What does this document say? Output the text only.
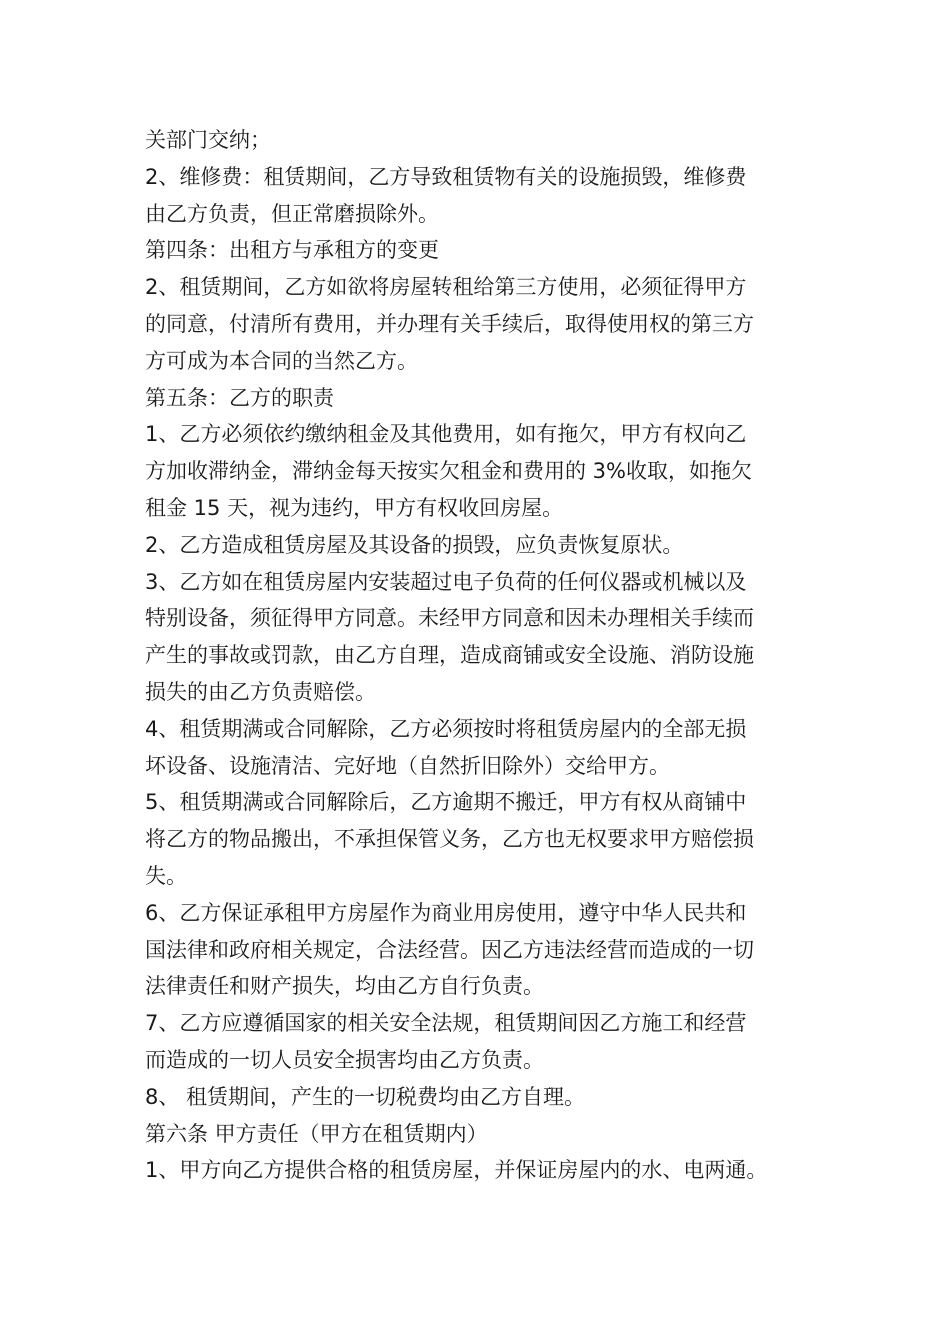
关部门交纳；

2、维修费：租赁期间，乙方导致租赁物有关的设施损毁，维修费

由乙方负责，但正常磨损除外。

第四条：出租方与承租方的变更

2、租赁期间，乙方如欲将房屋转租给第三方使用，必须征得甲方

的同意，付清所有费用，并办理有关手续后，取得使用权的第三方

方可成为本合同的当然乙方。

第五条：乙方的职责

1、乙方必须依约缴纳租金及其他费用，如有拖欠，甲方有权向乙

方加收滞纳金，滞纳金每天按实欠租金和费用的 3%收取，如拖欠

租金 15 天，视为违约，甲方有权收回房屋。

2、乙方造成租赁房屋及其设备的损毁，应负责恢复原状。

3、乙方如在租赁房屋内安装超过电子负荷的任何仪器或机械以及

特别设备，须征得甲方同意。未经甲方同意和因未办理相关手续而

产生的事故或罚款，由乙方自理，造成商铺或安全设施、消防设施

损失的由乙方负责赔偿。

4、租赁期满或合同解除，乙方必须按时将租赁房屋内的全部无损

坏设备、设施清洁、完好地（自然折旧除外）交给甲方。

5、租赁期满或合同解除后，乙方逾期不搬迁，甲方有权从商铺中

将乙方的物品搬出，不承担保管义务，乙方也无权要求甲方赔偿损

失。

6、乙方保证承租甲方房屋作为商业用房使用，遵守中华人民共和

国法律和政府相关规定，合法经营。因乙方违法经营而造成的一切

法律责任和财产损失，均由乙方自行负责。

7、乙方应遵循国家的相关安全法规，租赁期间因乙方施工和经营

而造成的一切人员安全损害均由乙方负责。

8、 租赁期间，产生的一切税费均由乙方自理。

第六条 甲方责任（甲方在租赁期内）

1、甲方向乙方提供合格的租赁房屋，并保证房屋内的水、电两通。
